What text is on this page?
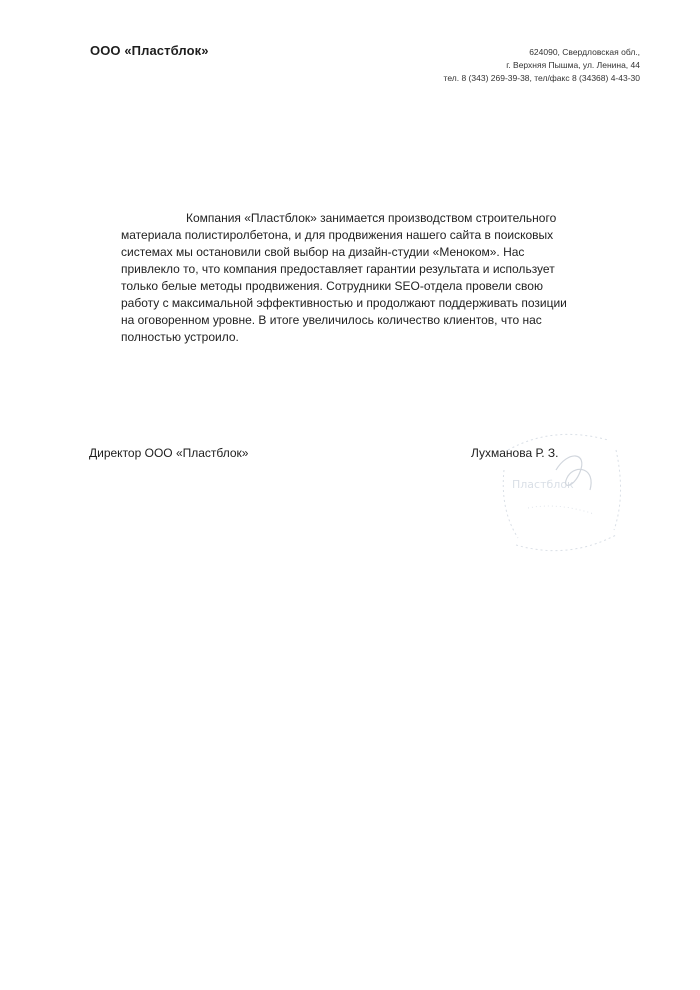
ООО «Пластблок»	624090, Свердловская обл.,
г. Верхняя Пышма, ул. Ленина, 44
тел. 8 (343) 269-39-38, тел/факс 8 (34368) 4-43-30

Компания «Пластблок» занимается производством строительного материала полистиролбетона, и для продвижения нашего сайта в поисковых системах мы остановили свой выбор на дизайн-студии «Меноком». Нас привлекло то, что компания предоставляет гарантии результата и использует только белые методы продвижения. Сотрудники SEO-отдела провели свою работу с максимальной эффективностью и продолжают поддерживать позиции на оговоренном уровне. В итоге увеличилось количество клиентов, что нас полностью устроило.

Директор ООО «Пластблок»	Лухманова Р. З.
Пластблок
